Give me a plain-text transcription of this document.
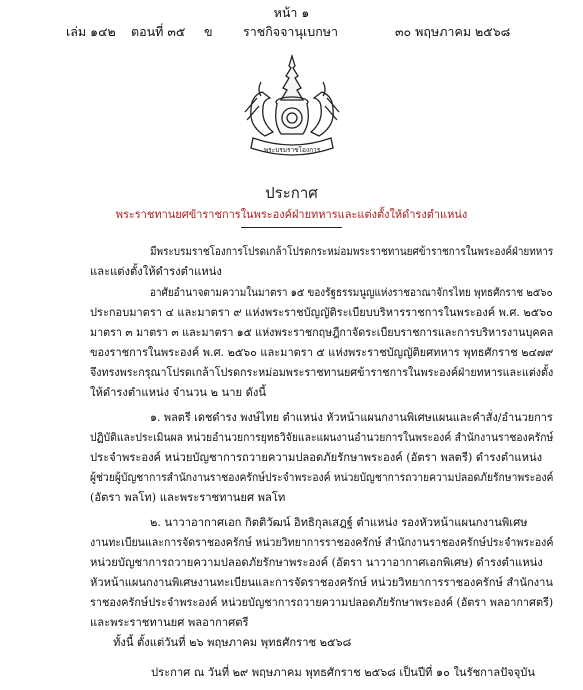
หน้า ๑
เล่ม ๑๔๒ ตอนที่ ๓๕ ข ราชกิจจานุเบกษา	๓๐ พฤษภาคม ๒๕๖๘
พระบรมราชโองการ
ประกาศ
พระราชทานยศข้าราชการในพระองค์ฝ่ายทหารและแต่งตั้งให้ดำรงตำแหน่ง
มีพระบรมราชโองการโปรดเกล้าโปรดกระหม่อมพระราชทานยศข้าราชการในพระองค์ฝ่ายทหาร
และแต่งตั้งให้ดำรงตำแหน่ง
อาศัยอำนาจตามความในมาตรา ๑๕ ของรัฐธรรมนูญแห่งราชอาณาจักรไทย พุทธศักราช ๒๕๖๐
ประกอบมาตรา ๔ และมาตรา ๙ แห่งพระราชบัญญัติระเบียบบริหารราชการในพระองค์ พ.ศ. ๒๕๖๐
มาตรา ๓ มาตรา ๓ และมาตรา ๑๕ แห่งพระราชกฤษฎีกาจัดระเบียบราชการและการบริหารงานบุคคล
ของราชการในพระองค์ พ.ศ. ๒๕๖๐ และมาตรา ๕ แห่งพระราชบัญญัติยศทหาร พุทธศักราช ๒๔๗๙
จึงทรงพระกรุณาโปรดเกล้าโปรดกระหม่อมพระราชทานยศข้าราชการในพระองค์ฝ่ายทหารและแต่งตั้ง
ให้ดำรงตำแหน่ง จำนวน ๒ นาย ดังนี้
๑. พลตรี เดชดำรง พงษ์ไทย ตำแหน่ง หัวหน้าแผนกงานพิเศษแผนและคำสั่ง/อำนวยการ
ปฏิบัติและประเมินผล หน่วยอำนวยการยุทธวิจัยและแผนงานอำนวยการในพระองค์ สำนักงานราชองครักษ์
ประจำพระองค์ หน่วยบัญชาการถวายความปลอดภัยรักษาพระองค์ (อัตรา พลตรี) ดำรงตำแหน่ง
ผู้ช่วยผู้บัญชาการสำนักงานราชองครักษ์ประจำพระองค์ หน่วยบัญชาการถวายความปลอดภัยรักษาพระองค์
(อัตรา พลโท) และพระราชทานยศ พลโท
๒. นาวาอากาศเอก กิตติวัฒน์ อิทธิกุลเสฎฐ์ ตำแหน่ง รองหัวหน้าแผนกงานพิเศษ
งานทะเบียนและการจัดราชองครักษ์ หน่วยวิทยาการราชองครักษ์ สำนักงานราชองครักษ์ประจำพระองค์
หน่วยบัญชาการถวายความปลอดภัยรักษาพระองค์ (อัตรา นาวาอากาศเอกพิเศษ) ดำรงตำแหน่ง
หัวหน้าแผนกงานพิเศษงานทะเบียนและการจัดราชองครักษ์ หน่วยวิทยาการราชองครักษ์ สำนักงาน
ราชองครักษ์ประจำพระองค์ หน่วยบัญชาการถวายความปลอดภัยรักษาพระองค์ (อัตรา พลอากาศตรี)
และพระราชทานยศ พลอากาศตรี
ทั้งนี้ ตั้งแต่วันที่ ๒๖ พฤษภาคม พุทธศักราช ๒๕๖๘
ประกาศ ณ วันที่ ๒๙ พฤษภาคม พุทธศักราช ๒๕๖๘ เป็นปีที่ ๑๐ ในรัชกาลปัจจุบัน
